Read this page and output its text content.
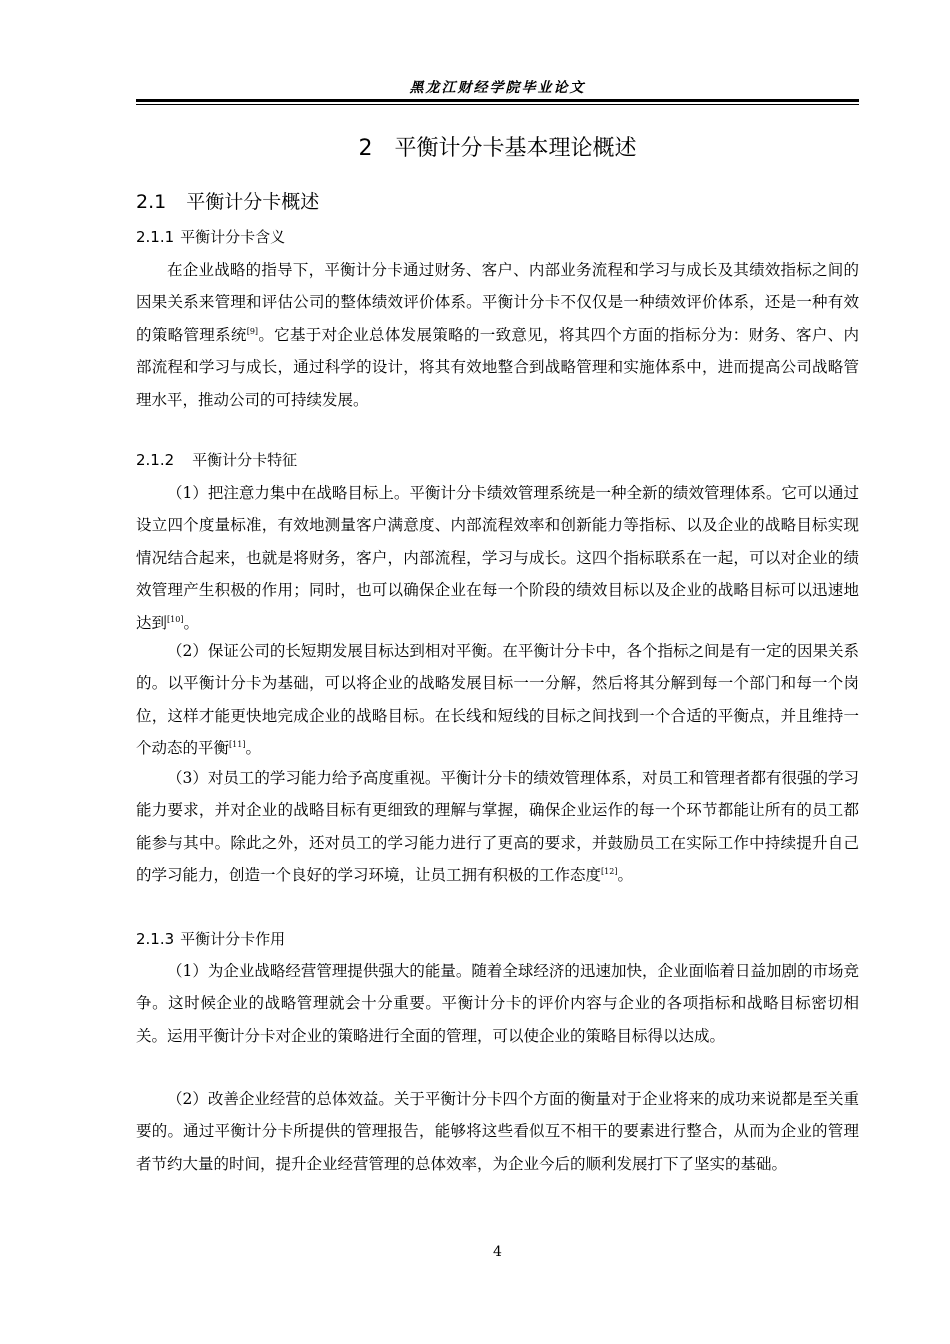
黑龙江财经学院毕业论文
2 平衡计分卡基本理论概述
2.1 平衡计分卡概述
2.1.1 平衡计分卡含义

在企业战略的指导下，平衡计分卡通过财务、客户、内部业务流程和学习与成长及其绩效指标之间的因果关系来管理和评估公司的整体绩效评价体系。平衡计分卡不仅仅是一种绩效评价体系，还是一种有效的策略管理系统[9]。它基于对企业总体发展策略的一致意见，将其四个方面的指标分为：财务、客户、内部流程和学习与成长，通过科学的设计，将其有效地整合到战略管理和实施体系中，进而提高公司战略管理水平，推动公司的可持续发展。

2.1.2 平衡计分卡特征

（1）把注意力集中在战略目标上。平衡计分卡绩效管理系统是一种全新的绩效管理体系。它可以通过设立四个度量标准，有效地测量客户满意度、内部流程效率和创新能力等指标、以及企业的战略目标实现情况结合起来，也就是将财务，客户，内部流程，学习与成长。这四个指标联系在一起，可以对企业的绩效管理产生积极的作用；同时，也可以确保企业在每一个阶段的绩效目标以及企业的战略目标可以迅速地达到[10]。

（2）保证公司的长短期发展目标达到相对平衡。在平衡计分卡中，各个指标之间是有一定的因果关系的。以平衡计分卡为基础，可以将企业的战略发展目标一一分解，然后将其分解到每一个部门和每一个岗位，这样才能更快地完成企业的战略目标。在长线和短线的目标之间找到一个合适的平衡点，并且维持一个动态的平衡[11]。

（3）对员工的学习能力给予高度重视。平衡计分卡的绩效管理体系，对员工和管理者都有很强的学习能力要求，并对企业的战略目标有更细致的理解与掌握，确保企业运作的每一个环节都能让所有的员工都能参与其中。除此之外，还对员工的学习能力进行了更高的要求，并鼓励员工在实际工作中持续提升自己的学习能力，创造一个良好的学习环境，让员工拥有积极的工作态度[12]。

2.1.3 平衡计分卡作用

（1）为企业战略经营管理提供强大的能量。随着全球经济的迅速加快，企业面临着日益加剧的市场竞争。这时候企业的战略管理就会十分重要。平衡计分卡的评价内容与企业的各项指标和战略目标密切相关。运用平衡计分卡对企业的策略进行全面的管理，可以使企业的策略目标得以达成。

（2）改善企业经营的总体效益。关于平衡计分卡四个方面的衡量对于企业将来的成功来说都是至关重要的。通过平衡计分卡所提供的管理报告，能够将这些看似互不相干的要素进行整合，从而为企业的管理者节约大量的时间，提升企业经营管理的总体效率，为企业今后的顺利发展打下了坚实的基础。

4
